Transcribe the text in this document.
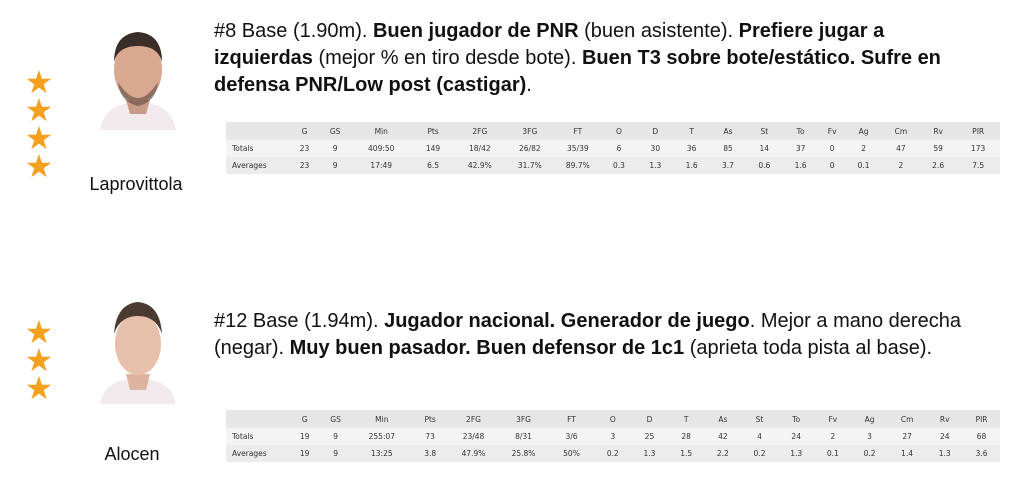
★
★
★
★	Laprovittola
#8 Base (1.90m). Buen jugador de PNR (buen asistente). Prefiere jugar a izquierdas (mejor % en tiro desde bote). Buen T3 sobre bote/estático. Sufre en defensa PNR/Low post (castigar).
	G	GS	Min	Pts	2FG	3FG	FT	O	D	T	As	St	To	Fv	Ag	Cm	Rv	PIR
Totals	23	9	409:50	149	18/42	26/82	35/39	6	30	36	85	14	37	0	2	47	59	173
Averages	23	9	17:49	6.5	42.9%	31.7%	89.7%	0.3	1.3	1.6	3.7	0.6	1.6	0	0.1	2	2.6	7.5
★
★
★
Alocen
#12 Base (1.94m). Jugador nacional. Generador de juego. Mejor a mano derecha (negar). Muy buen pasador. Buen defensor de 1c1 (aprieta toda pista al base).
	G	GS	Min	Pts	2FG	3FG	FT	O	D	T	As	St	To	Fv	Ag	Cm	Rv	PIR
Totals	19	9	255:07	73	23/48	8/31	3/6	3	25	28	42	4	24	2	3	27	24	68
Averages	19	9	13:25	3.8	47.9%	25.8%	50%	0.2	1.3	1.5	2.2	0.2	1.3	0.1	0.2	1.4	1.3	3.6
